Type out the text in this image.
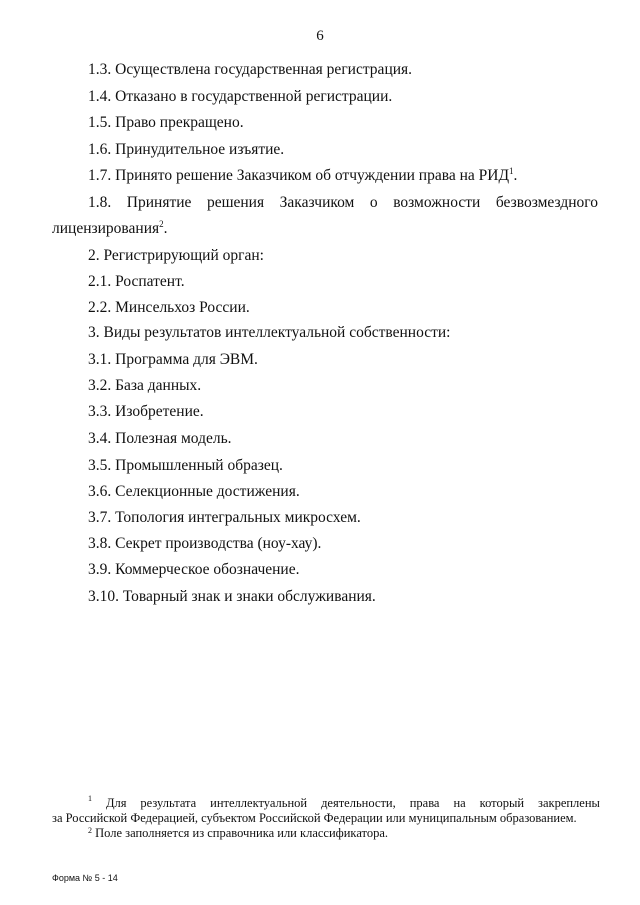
6
1.3. Осуществлена государственная регистрация.
1.4. Отказано в государственной регистрации.
1.5. Право прекращено.
1.6. Принудительное изъятие.
1.7. Принято решение Заказчиком об отчуждении права на РИД$^1$.
1.8. Принятие решения Заказчиком о возможности безвозмездного
лицензирования$^2$.
2. Регистрирующий орган:
2.1. Роспатент.
2.2. Минсельхоз России.
3. Виды результатов интеллектуальной собственности:
3.1. Программа для ЭВМ.
3.2. База данных.
3.3. Изобретение.
3.4. Полезная модель.
3.5. Промышленный образец.
3.6. Селекционные достижения.
3.7. Топология интегральных микросхем.
3.8. Секрет производства (ноу-хау).
3.9. Коммерческое обозначение.
3.10. Товарный знак и знаки обслуживания.
1 Для результата интеллектуальной деятельности, права на который закреплены
за Российской Федерацией, субъектом Российской Федерации или муниципальным образованием.
$^2$ Поле заполняется из справочника или классификатора.
Форма № 5 - 14
